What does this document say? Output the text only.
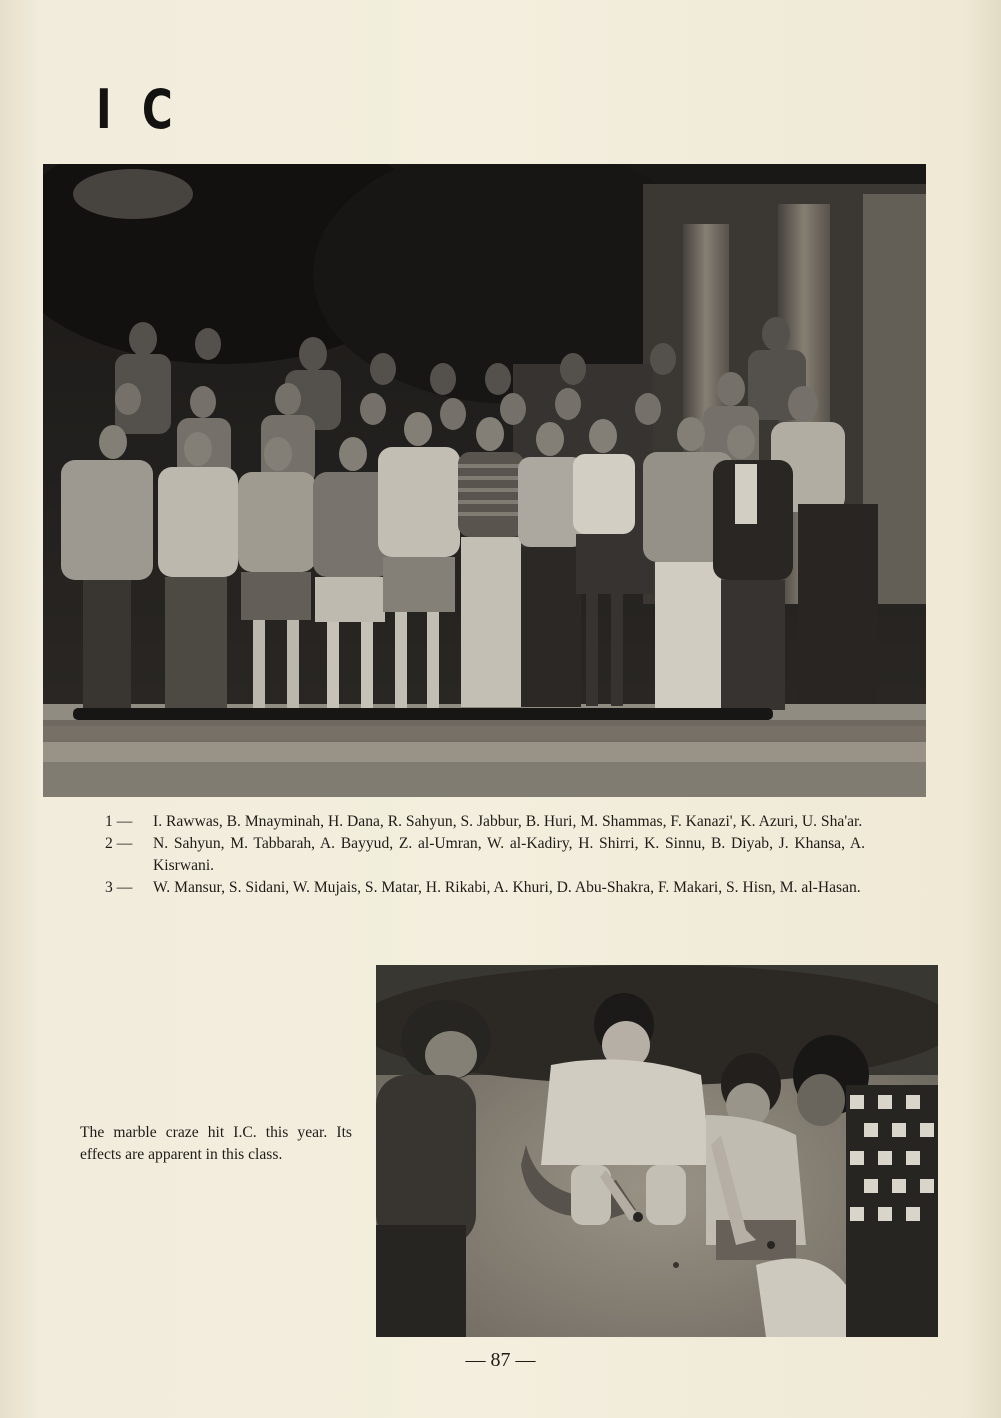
I C
1 —	I. Rawwas, B. Mnayminah, H. Dana, R. Sahyun, S. Jabbur, B. Huri, M. Shammas, F. Kanazi', K. Azuri, U. Sha'ar.
2 —	N. Sahyun, M. Tabbarah, A. Bayyud, Z. al-Umran, W. al-Kadiry, H. Shirri, K. Sinnu, B. Diyab, J. Khansa, A. Kisrwani.
3 —	W. Mansur, S. Sidani, W. Mujais, S. Matar, H. Rikabi, A. Khuri, D. Abu-Shakra, F. Makari, S. Hisn, M. al-Hasan.
The marble craze hit I.C. this year. Its effects are apparent in this class.
— 87 —
